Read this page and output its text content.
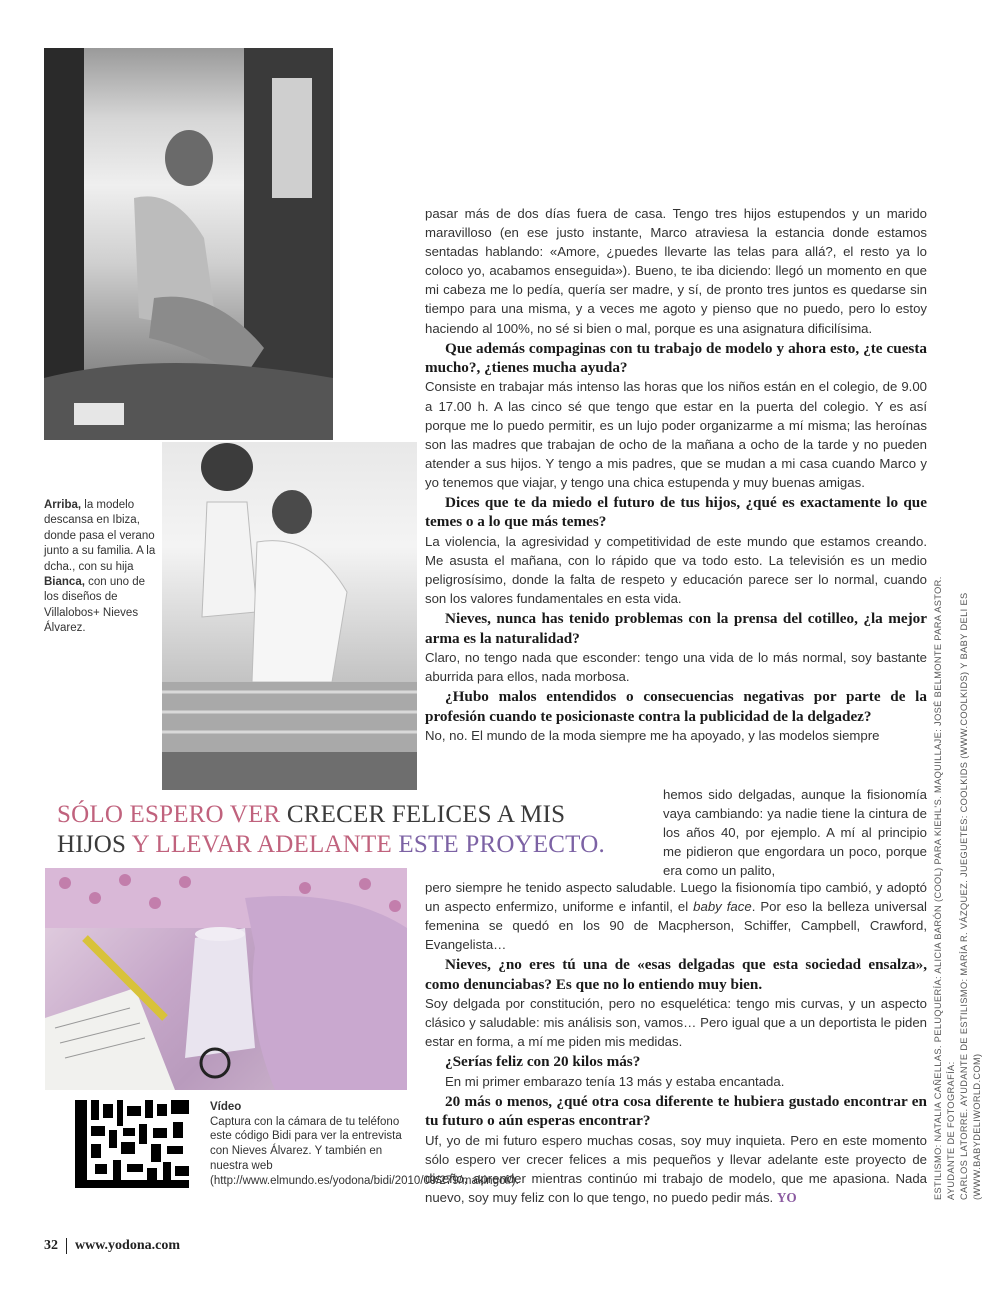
Arriba, la modelo descansa en Ibiza, donde pasa el verano junto a su familia. A la dcha., con su hija Bianca, con uno de los diseños de Villalobos+ Nieves Álvarez.

pasar más de dos días fuera de casa. Tengo tres hijos estupendos y un marido maravilloso (en ese justo instante, Marco atraviesa la estancia donde estamos sentadas hablando: «Amore, ¿puedes llevarte las telas para allá?, el resto ya lo coloco yo, acabamos enseguida»). Bueno, te iba diciendo: llegó un momento en que mi cabeza me lo pedía, quería ser madre, y sí, de pronto tres juntos es quedarse sin tiempo para una misma, y a veces me agoto y pienso que no puedo, pero lo estoy haciendo al 100%, no sé si bien o mal, porque es una asignatura dificilísima.

Que además compaginas con tu trabajo de modelo y ahora esto, ¿te cuesta mucho?, ¿tienes mucha ayuda?

Consiste en trabajar más intenso las horas que los niños están en el colegio, de 9.00 a 17.00 h. A las cinco sé que tengo que estar en la puerta del colegio. Y es así porque me lo puedo permitir, es un lujo poder organizarme a mí misma; las heroínas son las madres que trabajan de ocho de la mañana a ocho de la tarde y no pueden atender a sus hijos. Y tengo a mis padres, que se mudan a mi casa cuando Marco y yo tenemos que viajar, y tengo una chica estupenda y muy buenas amigas.

Dices que te da miedo el futuro de tus hijos, ¿qué es exactamente lo que temes o a lo que más temes?

La violencia, la agresividad y competitividad de este mundo que estamos creando. Me asusta el mañana, con lo rápido que va todo esto. La televisión es un medio peligrosísimo, donde la falta de respeto y educación parece ser lo normal, cuando son los valores fundamentales en esta vida.

Nieves, nunca has tenido problemas con la prensa del cotilleo, ¿la mejor arma es la naturalidad?

Claro, no tengo nada que esconder: tengo una vida de lo más normal, soy bastante aburrida para ellos, nada morbosa.

¿Hubo malos entendidos o consecuencias negativas por parte de la profesión cuando te posicionaste contra la publicidad de la delgadez?

No, no. El mundo de la moda siempre me ha apoyado, y las modelos siempre

SÓLO ESPERO VER CRECER FELICES A MIS
HIJOS Y LLEVAR ADELANTE ESTE PROYECTO.
hemos sido delgadas, aunque la fisionomía vaya cambiando: ya nadie tiene la cintura de los años 40, por ejemplo. A mí al principio me pidieron que engordara un poco, porque era como un palito,

pero siempre he tenido aspecto saludable. Luego la fisionomía tipo cambió, y adoptó un aspecto enfermizo, uniforme e infantil, el baby face. Por eso la belleza universal femenina se quedó en los 90 de Macpherson, Schiffer, Campbell, Crawford, Evangelista…

Nieves, ¿no eres tú una de «esas delgadas que esta sociedad ensalza», como denunciabas? Es que no lo entiendo muy bien.

Soy delgada por constitución, pero no esquelética: tengo mis curvas, y un aspecto clásico y saludable: mis análisis son, vamos… Pero igual que a un deportista le piden estar en forma, a mí me piden mis medidas.

¿Serías feliz con 20 kilos más?

En mi primer embarazo tenía 13 más y estaba encantada.

20 más o menos, ¿qué otra cosa diferente te hubiera gustado encontrar en tu futuro o aún esperas encontrar?

Uf, yo de mi futuro espero muchas cosas, soy muy inquieta. Pero en este momento sólo espero ver crecer felices a mis pequeños y llevar adelante este proyecto de diseño, aprender mientras continúo mi trabajo de modelo, que me apasiona. Nada nuevo, soy muy feliz con lo que tengo, no puedo pedir más. YO

Vídeo
Captura con la cámara de tu teléfono este código Bidi para ver la entrevista con Nieves Álvarez. Y también en nuestra web (http://www.elmundo.es/yodona/bidi/2010/09/279/makingof/).	ESTILISMO: NATALIA CAÑELLAS. PELUQUERÍA: ALICIA BARÓN (COOL) PARA KIEHL'S. MAQUILLAJE: JOSÉ BELMONTE PARA ASTOR. AYUDANTE DE FOTOGRAFÍA: CARLOS LATORRE. AYUDANTE DE ESTILISMO: MARÍA R. VÁZQUEZ. JUEGUETES: COOLKIDS (WWW.COOLKIDS) Y BABY DELI ES (WWW.BABYDELIWORLD.COM)
32 www.yodona.com
